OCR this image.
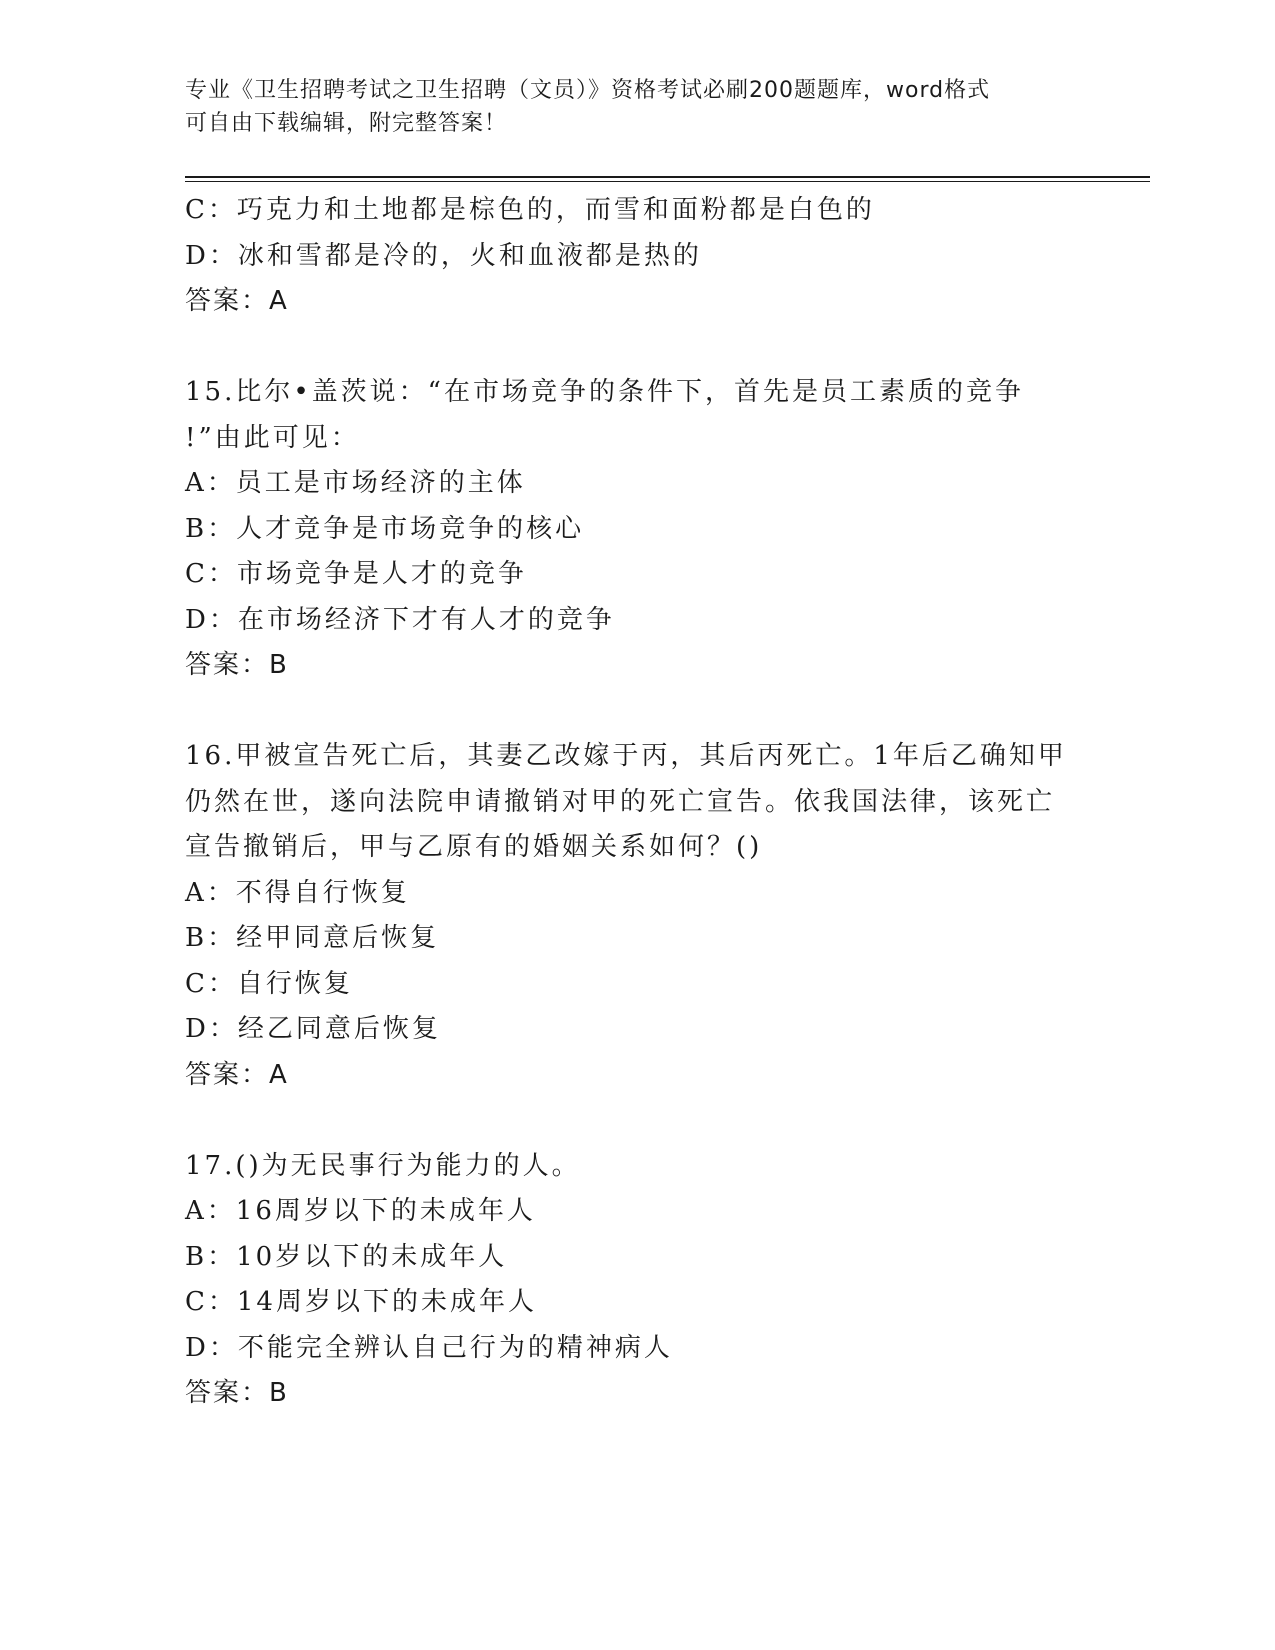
专业《卫生招聘考试之卫生招聘（文员）》资格考试必刷200题题库，word格式
可自由下载编辑，附完整答案！
C：巧克力和土地都是棕色的，而雪和面粉都是白色的
D：冰和雪都是冷的，火和血液都是热的
答案：A
15.比尔•盖茨说：“在市场竞争的条件下，首先是员工素质的竞争
!”由此可见：
A：员工是市场经济的主体
B：人才竞争是市场竞争的核心
C：市场竞争是人才的竞争
D：在市场经济下才有人才的竞争
答案：B
16.甲被宣告死亡后，其妻乙改嫁于丙，其后丙死亡。1年后乙确知甲
仍然在世，遂向法院申请撤销对甲的死亡宣告。依我国法律，该死亡
宣告撤销后，甲与乙原有的婚姻关系如何？()
A：不得自行恢复
B：经甲同意后恢复
C：自行恢复
D：经乙同意后恢复
答案：A
17.()为无民事行为能力的人。
A：16周岁以下的未成年人
B：10岁以下的未成年人
C：14周岁以下的未成年人
D：不能完全辨认自己行为的精神病人
答案：B
